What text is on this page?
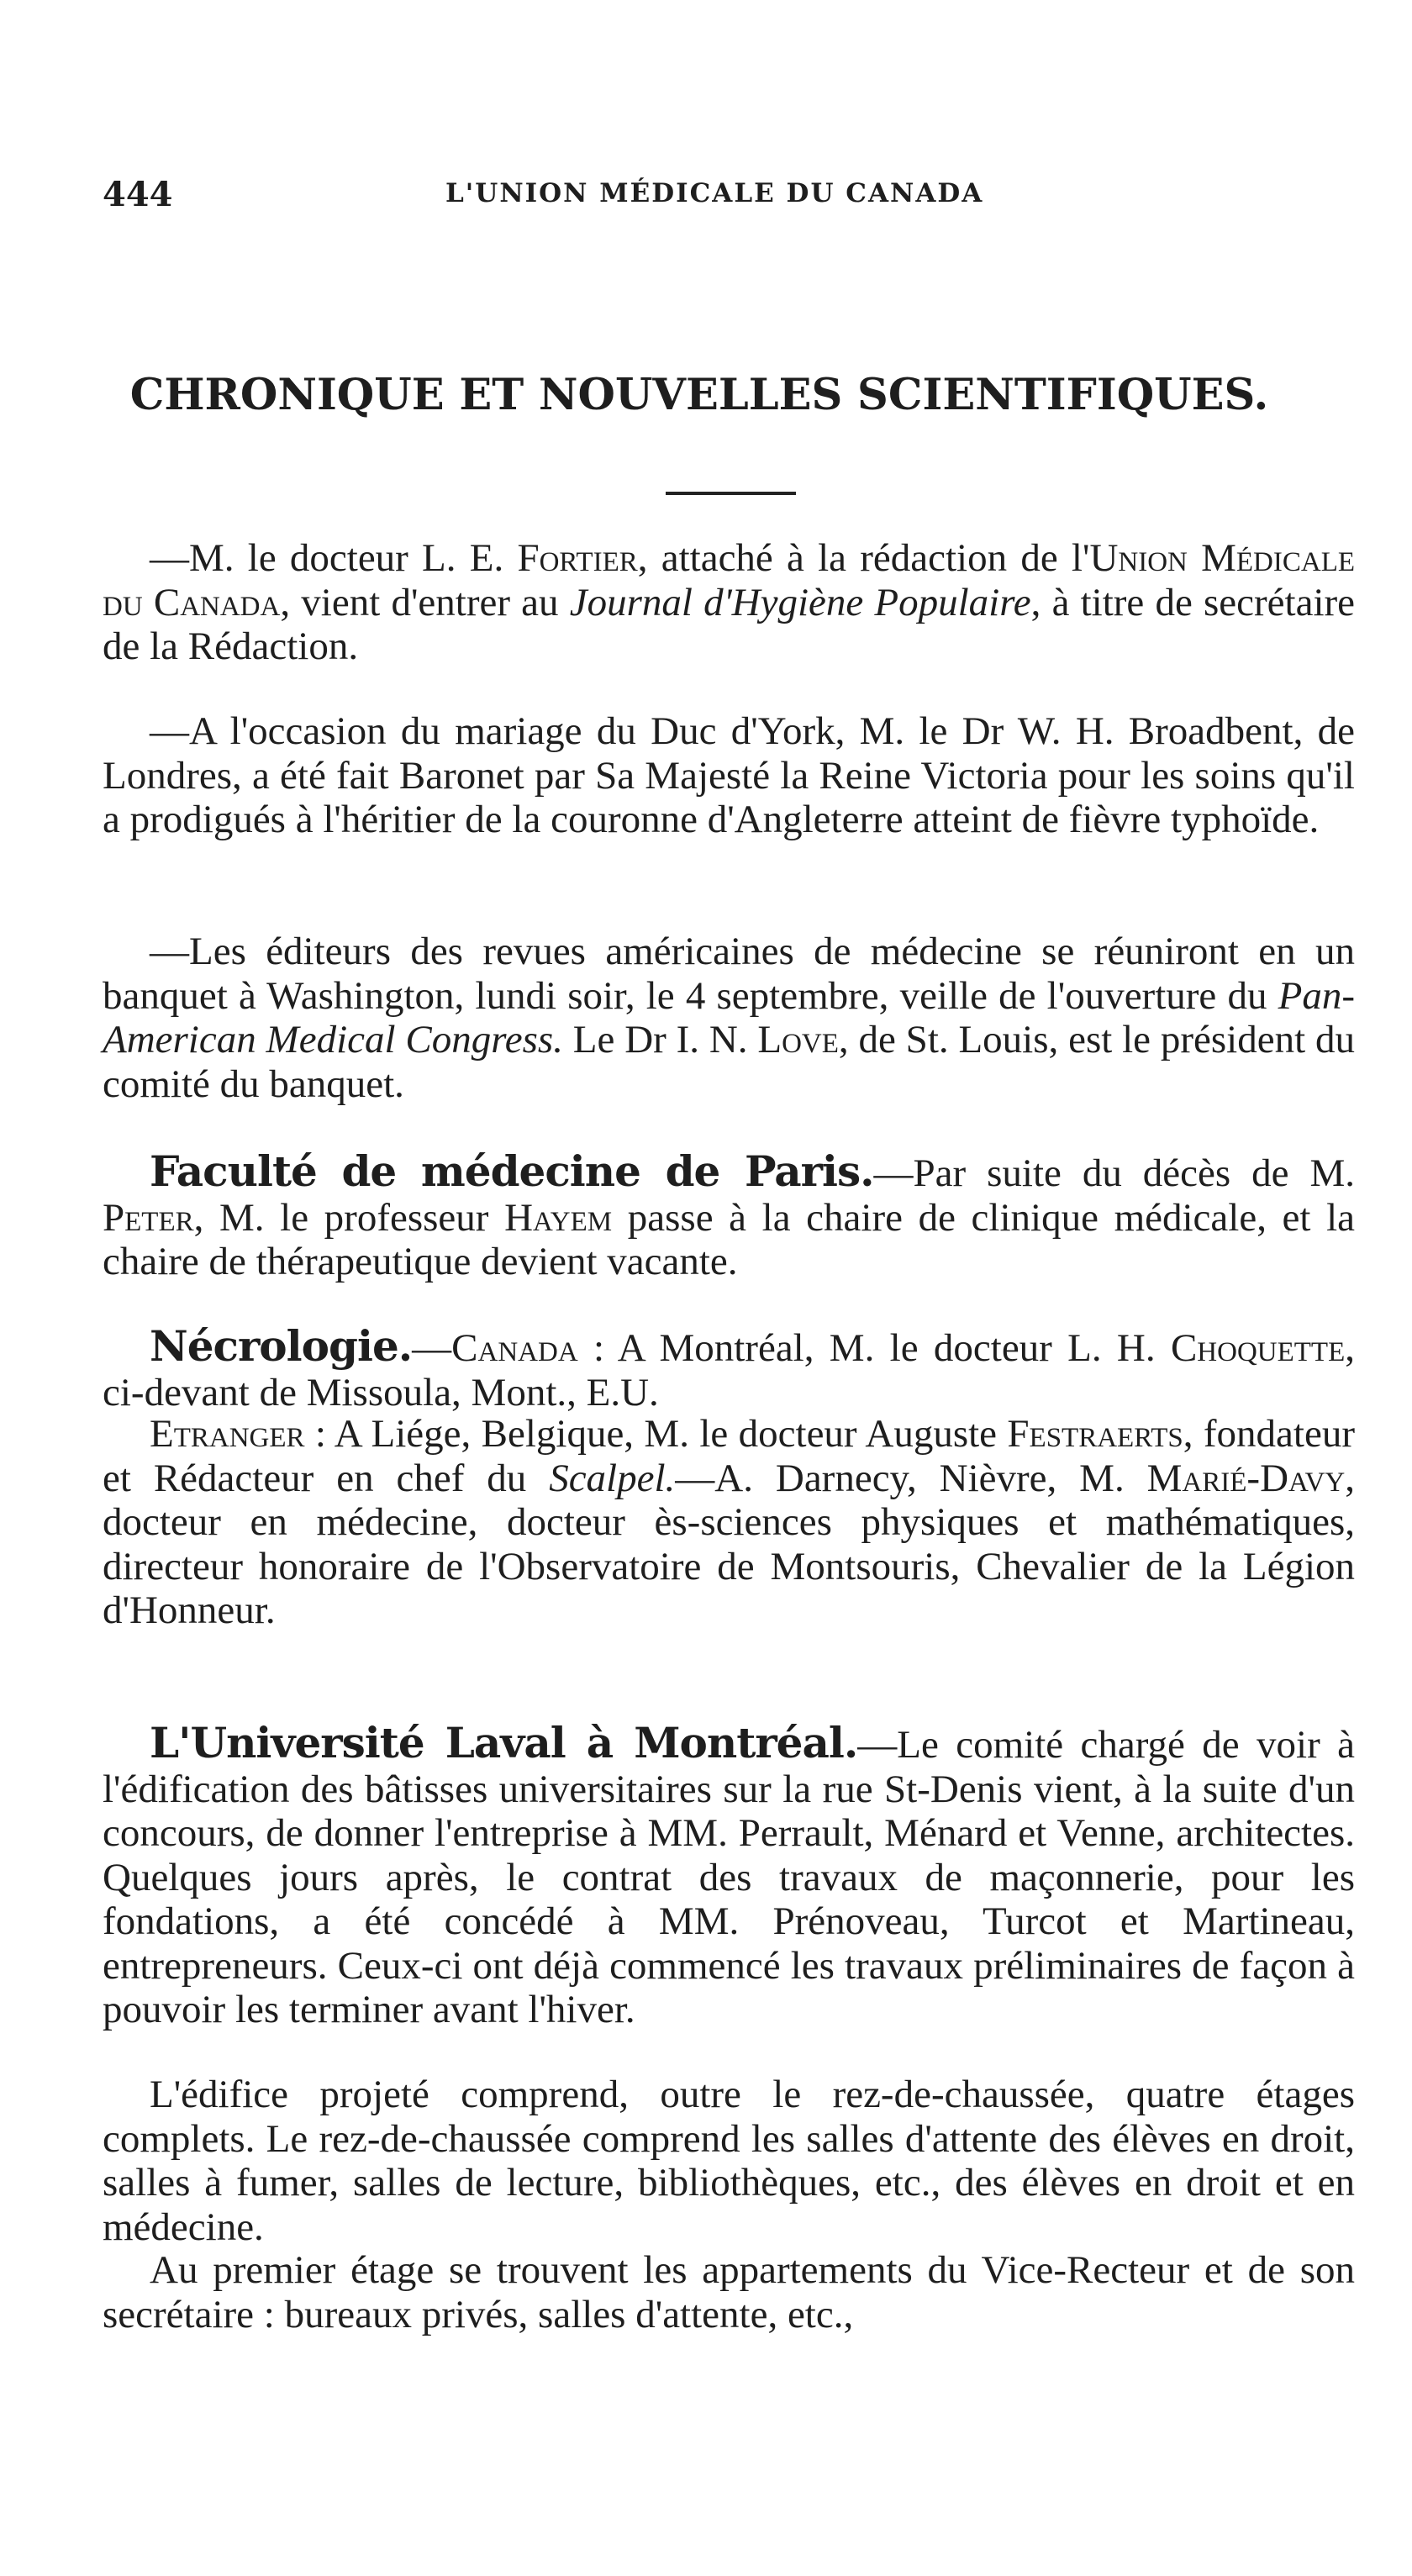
444	L'UNION MÉDICALE DU CANADA
CHRONIQUE ET NOUVELLES SCIENTIFIQUES.

—M. le docteur L. E. Fortier, attaché à la rédaction de l'Union Médicale du Canada, vient d'entrer au Journal d'Hygiène Populaire, à titre de secrétaire de la Rédaction.

—A l'occasion du mariage du Duc d'York, M. le Dr W. H. Broadbent, de Londres, a été fait Baronet par Sa Majesté la Reine Victoria pour les soins qu'il a prodigués à l'héritier de la couronne d'Angleterre atteint de fièvre typhoïde.

—Les éditeurs des revues américaines de médecine se réuniront en un banquet à Washington, lundi soir, le 4 septembre, veille de l'ouverture du Pan-American Medical Congress. Le Dr I. N. Love, de St. Louis, est le président du comité du banquet.

Faculté de médecine de Paris.—Par suite du décès de M. Peter, M. le professeur Hayem passe à la chaire de clinique médicale, et la chaire de thérapeutique devient vacante.

Nécrologie.—Canada : A Montréal, M. le docteur L. H. Choquette, ci-devant de Missoula, Mont., E.U.

Etranger : A Liége, Belgique, M. le docteur Auguste Festraerts, fondateur et Rédacteur en chef du Scalpel.—A. Darnecy, Nièvre, M. Marié-Davy, docteur en médecine, docteur ès-sciences physiques et mathématiques, directeur honoraire de l'Observatoire de Montsouris, Chevalier de la Légion d'Honneur.

L'Université Laval à Montréal.—Le comité chargé de voir à l'édification des bâtisses universitaires sur la rue St-Denis vient, à la suite d'un concours, de donner l'entreprise à MM. Perrault, Ménard et Venne, architectes. Quelques jours après, le contrat des travaux de maçonnerie, pour les fondations, a été concédé à MM. Prénoveau, Turcot et Martineau, entrepreneurs. Ceux-ci ont déjà commencé les travaux préliminaires de façon à pouvoir les terminer avant l'hiver.

L'édifice projeté comprend, outre le rez-de-chaussée, quatre étages complets. Le rez-de-chaussée comprend les salles d'attente des élèves en droit, salles à fumer, salles de lecture, bibliothèques, etc., des élèves en droit et en médecine.

Au premier étage se trouvent les appartements du Vice-Recteur et de son secrétaire : bureaux privés, salles d'attente, etc.,
